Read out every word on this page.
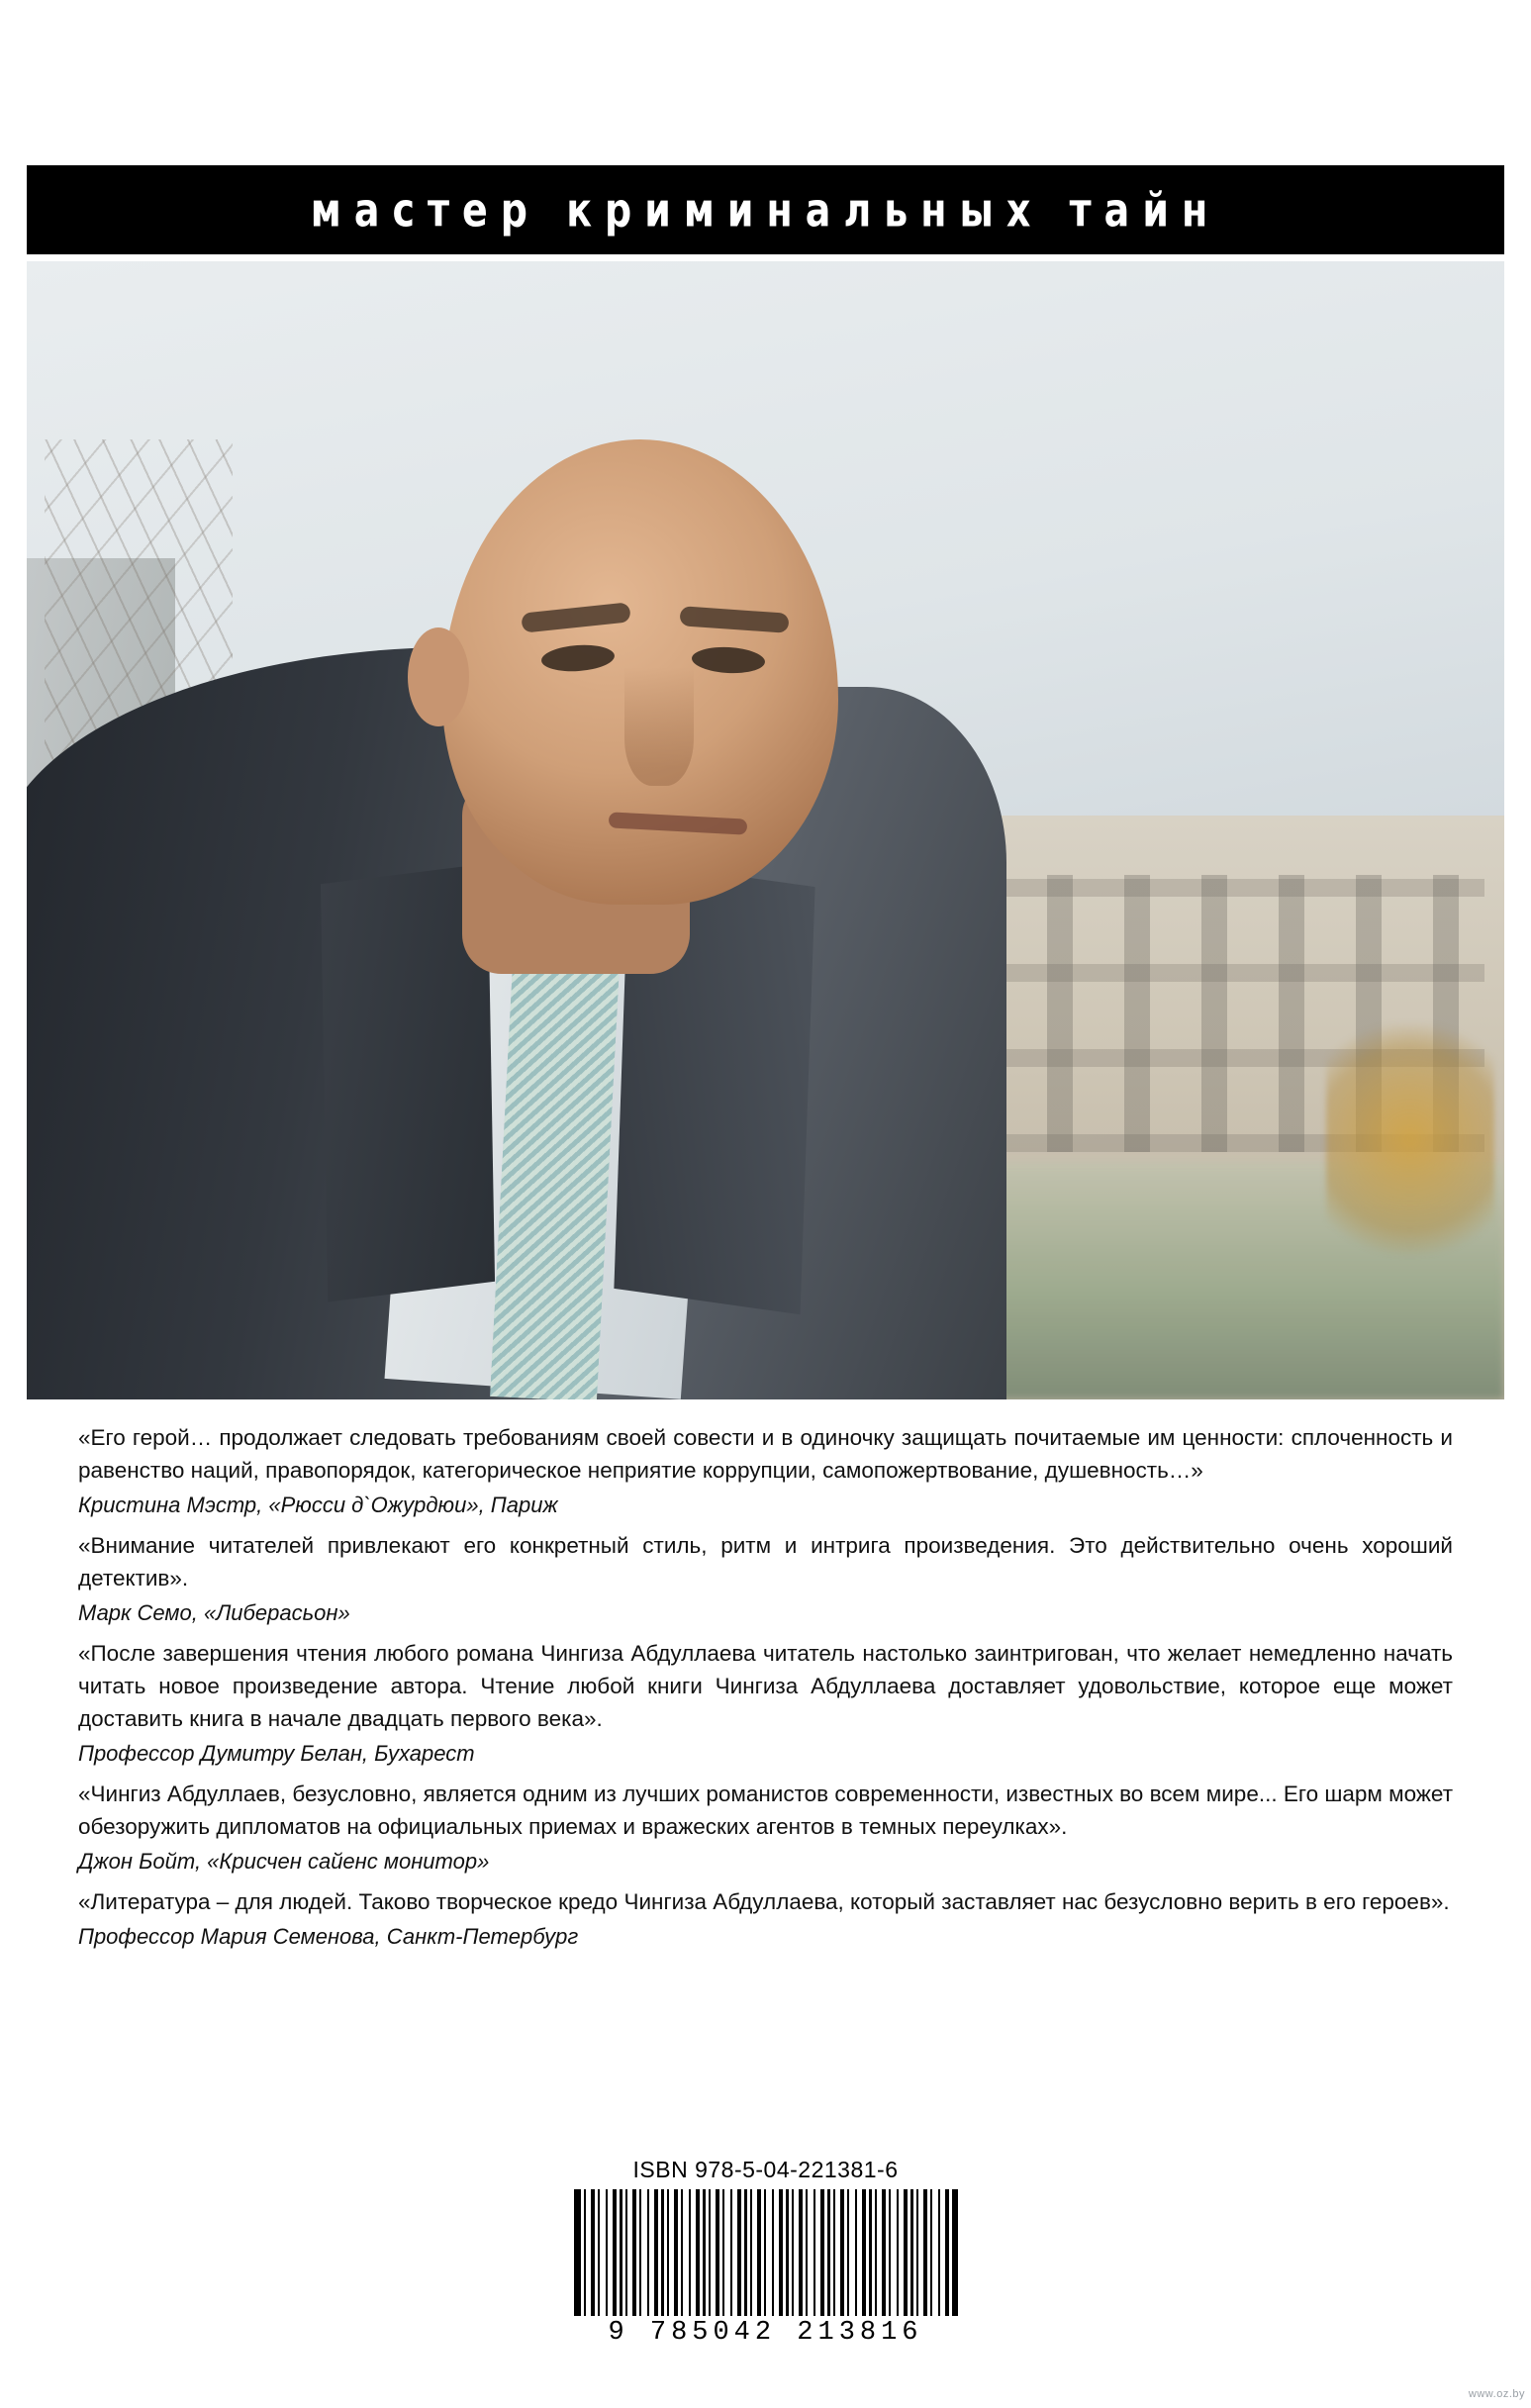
мастер криминальных тайн

«Его герой… продолжает следовать требованиям своей совести и в одиночку защищать почитаемые им ценности: сплоченность и равенство наций, правопорядок, категорическое неприятие коррупции, самопожертвование, душевность…»

Кристина Мэстр, «Рюсси д`Ожурдюи», Париж

«Внимание читателей привлекают его конкретный стиль, ритм и интрига произведения. Это действительно очень хороший детектив».

Марк Семо, «Либерасьон»

«После завершения чтения любого романа Чингиза Абдуллаева читатель настолько заинтригован, что желает немедленно начать читать новое произведение автора. Чтение любой книги Чингиза Абдуллаева доставляет удовольствие, которое еще может доставить книга в начале двадцать первого века».

Профессор Думитру Белан, Бухарест

«Чингиз Абдуллаев, безусловно, является одним из лучших романистов современности, известных во всем мире... Его шарм может обезоружить дипломатов на официальных приемах и вражеских агентов в темных переулках».

Джон Бойт, «Крисчен сайенс монитор»

«Литература – для людей. Таково творческое кредо Чингиза Абдуллаева, который заставляет нас безусловно верить в его героев».

Профессор Мария Семенова, Санкт-Петербург

ISBN 978-5-04-221381-6
9 785042 213816
www.oz.by
